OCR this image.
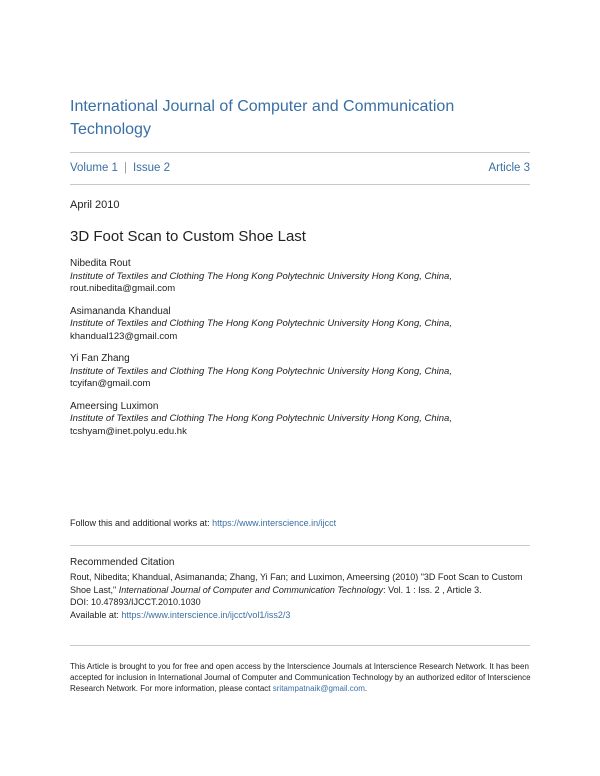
International Journal of Computer and Communication Technology
Volume 1 | Issue 2	Article 3
April 2010
3D Foot Scan to Custom Shoe Last
Nibedita Rout
Institute of Textiles and Clothing The Hong Kong Polytechnic University Hong Kong, China,
rout.nibedita@gmail.com
Asimananda Khandual
Institute of Textiles and Clothing The Hong Kong Polytechnic University Hong Kong, China,
khandual123@gmail.com
Yi Fan Zhang
Institute of Textiles and Clothing The Hong Kong Polytechnic University Hong Kong, China,
tcyifan@gmail.com
Ameersing Luximon
Institute of Textiles and Clothing The Hong Kong Polytechnic University Hong Kong, China,
tcshyam@inet.polyu.edu.hk
Follow this and additional works at: https://www.interscience.in/ijcct
Recommended Citation
Rout, Nibedita; Khandual, Asimananda; Zhang, Yi Fan; and Luximon, Ameersing (2010) "3D Foot Scan to Custom Shoe Last," International Journal of Computer and Communication Technology: Vol. 1 : Iss. 2 , Article 3.
DOI: 10.47893/IJCCT.2010.1030
Available at: https://www.interscience.in/ijcct/vol1/iss2/3
This Article is brought to you for free and open access by the Interscience Journals at Interscience Research Network. It has been accepted for inclusion in International Journal of Computer and Communication Technology by an authorized editor of Interscience Research Network. For more information, please contact sritampatnaik@gmail.com.
